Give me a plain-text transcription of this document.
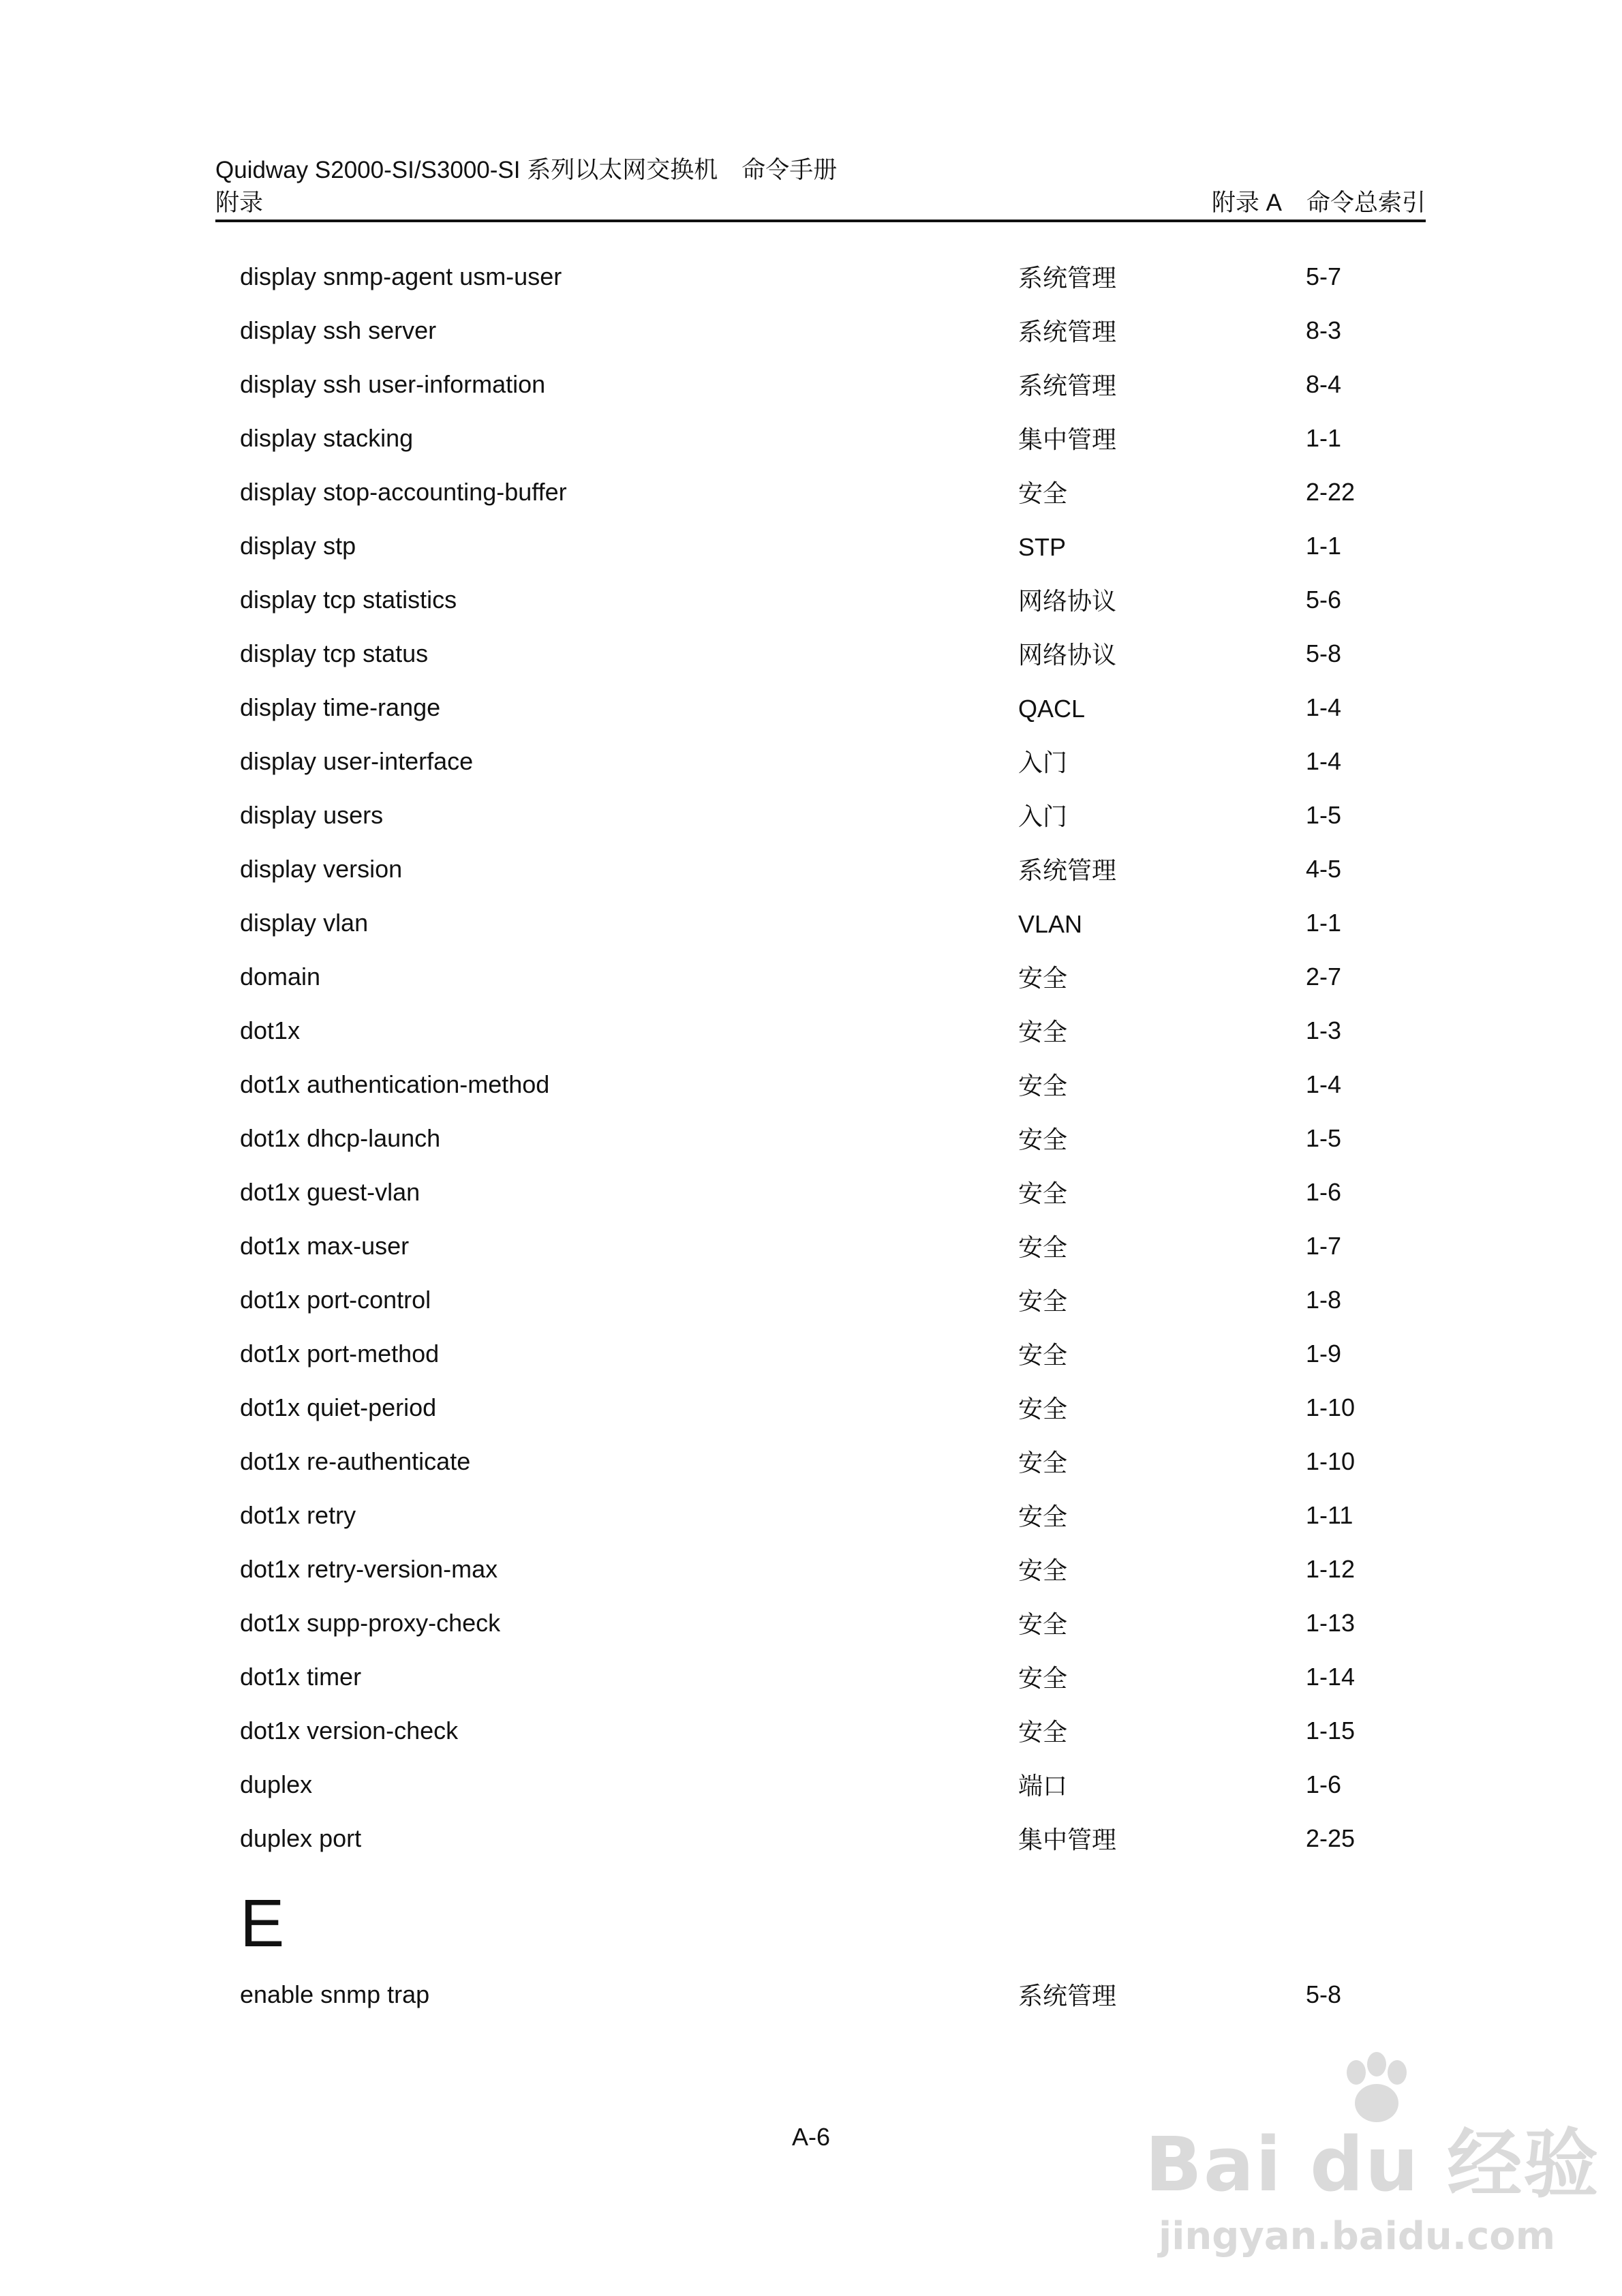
Quidway S2000-SI/S3000-SI 系列以太网交换机　命令手册
附录	附录 A 命令总索引
display snmp-agent usm-user	系统管理	5-7
display ssh server	系统管理	8-3
display ssh user-information	系统管理	8-4
display stacking	集中管理	1-1
display stop-accounting-buffer	安全	2-22
display stp	STP	1-1
display tcp statistics	网络协议	5-6
display tcp status	网络协议	5-8
display time-range	QACL	1-4
display user-interface	入门	1-4
display users	入门	1-5
display version	系统管理	4-5
display vlan	VLAN	1-1
domain	安全	2-7
dot1x	安全	1-3
dot1x authentication-method	安全	1-4
dot1x dhcp-launch	安全	1-5
dot1x guest-vlan	安全	1-6
dot1x max-user	安全	1-7
dot1x port-control	安全	1-8
dot1x port-method	安全	1-9
dot1x quiet-period	安全	1-10
dot1x re-authenticate	安全	1-10
dot1x retry	安全	1-11
dot1x retry-version-max	安全	1-12
dot1x supp-proxy-check	安全	1-13
dot1x timer	安全	1-14
dot1x version-check	安全	1-15
duplex	端口	1-6
duplex port	集中管理	2-25
E
enable snmp trap	系统管理	5-8
A-6	Bai du 经验
jingyan.baidu.com
